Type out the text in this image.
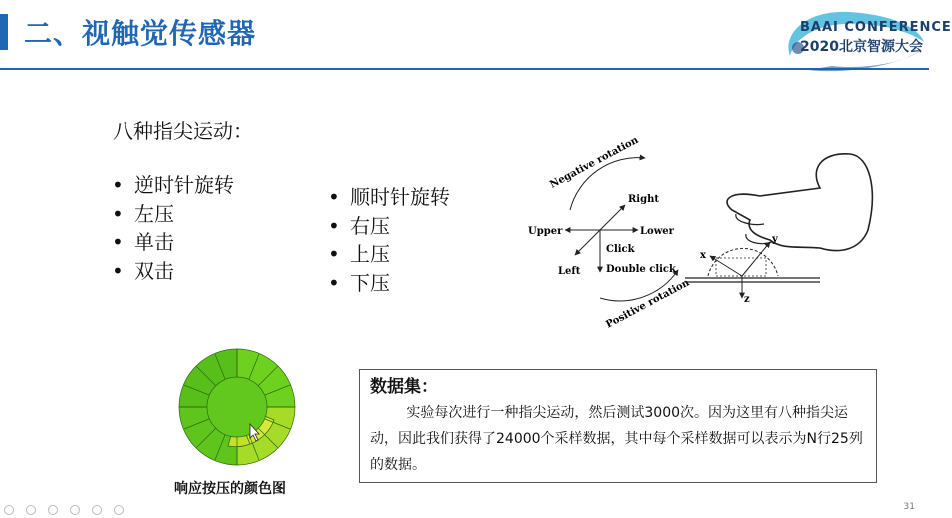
二、视触觉传感器	BAAI CONFERENCE
2020北京智源大会
八种指尖运动：
• 逆时针旋转
• 左压
• 单击
• 双击
• 顺时针旋转
• 右压
• 上压
• 下压
Negative rotation
Positive rotation
Right
Upper	Lower
Left
Click
Double click
x
y
z
响应按压的颜色图
数据集：
实验每次进行一种指尖运动，然后测试3000次。因为这里有八种指尖运动，因此我们获得了24000个采样数据，其中每个采样数据可以表示为N行25列的数据。
31
